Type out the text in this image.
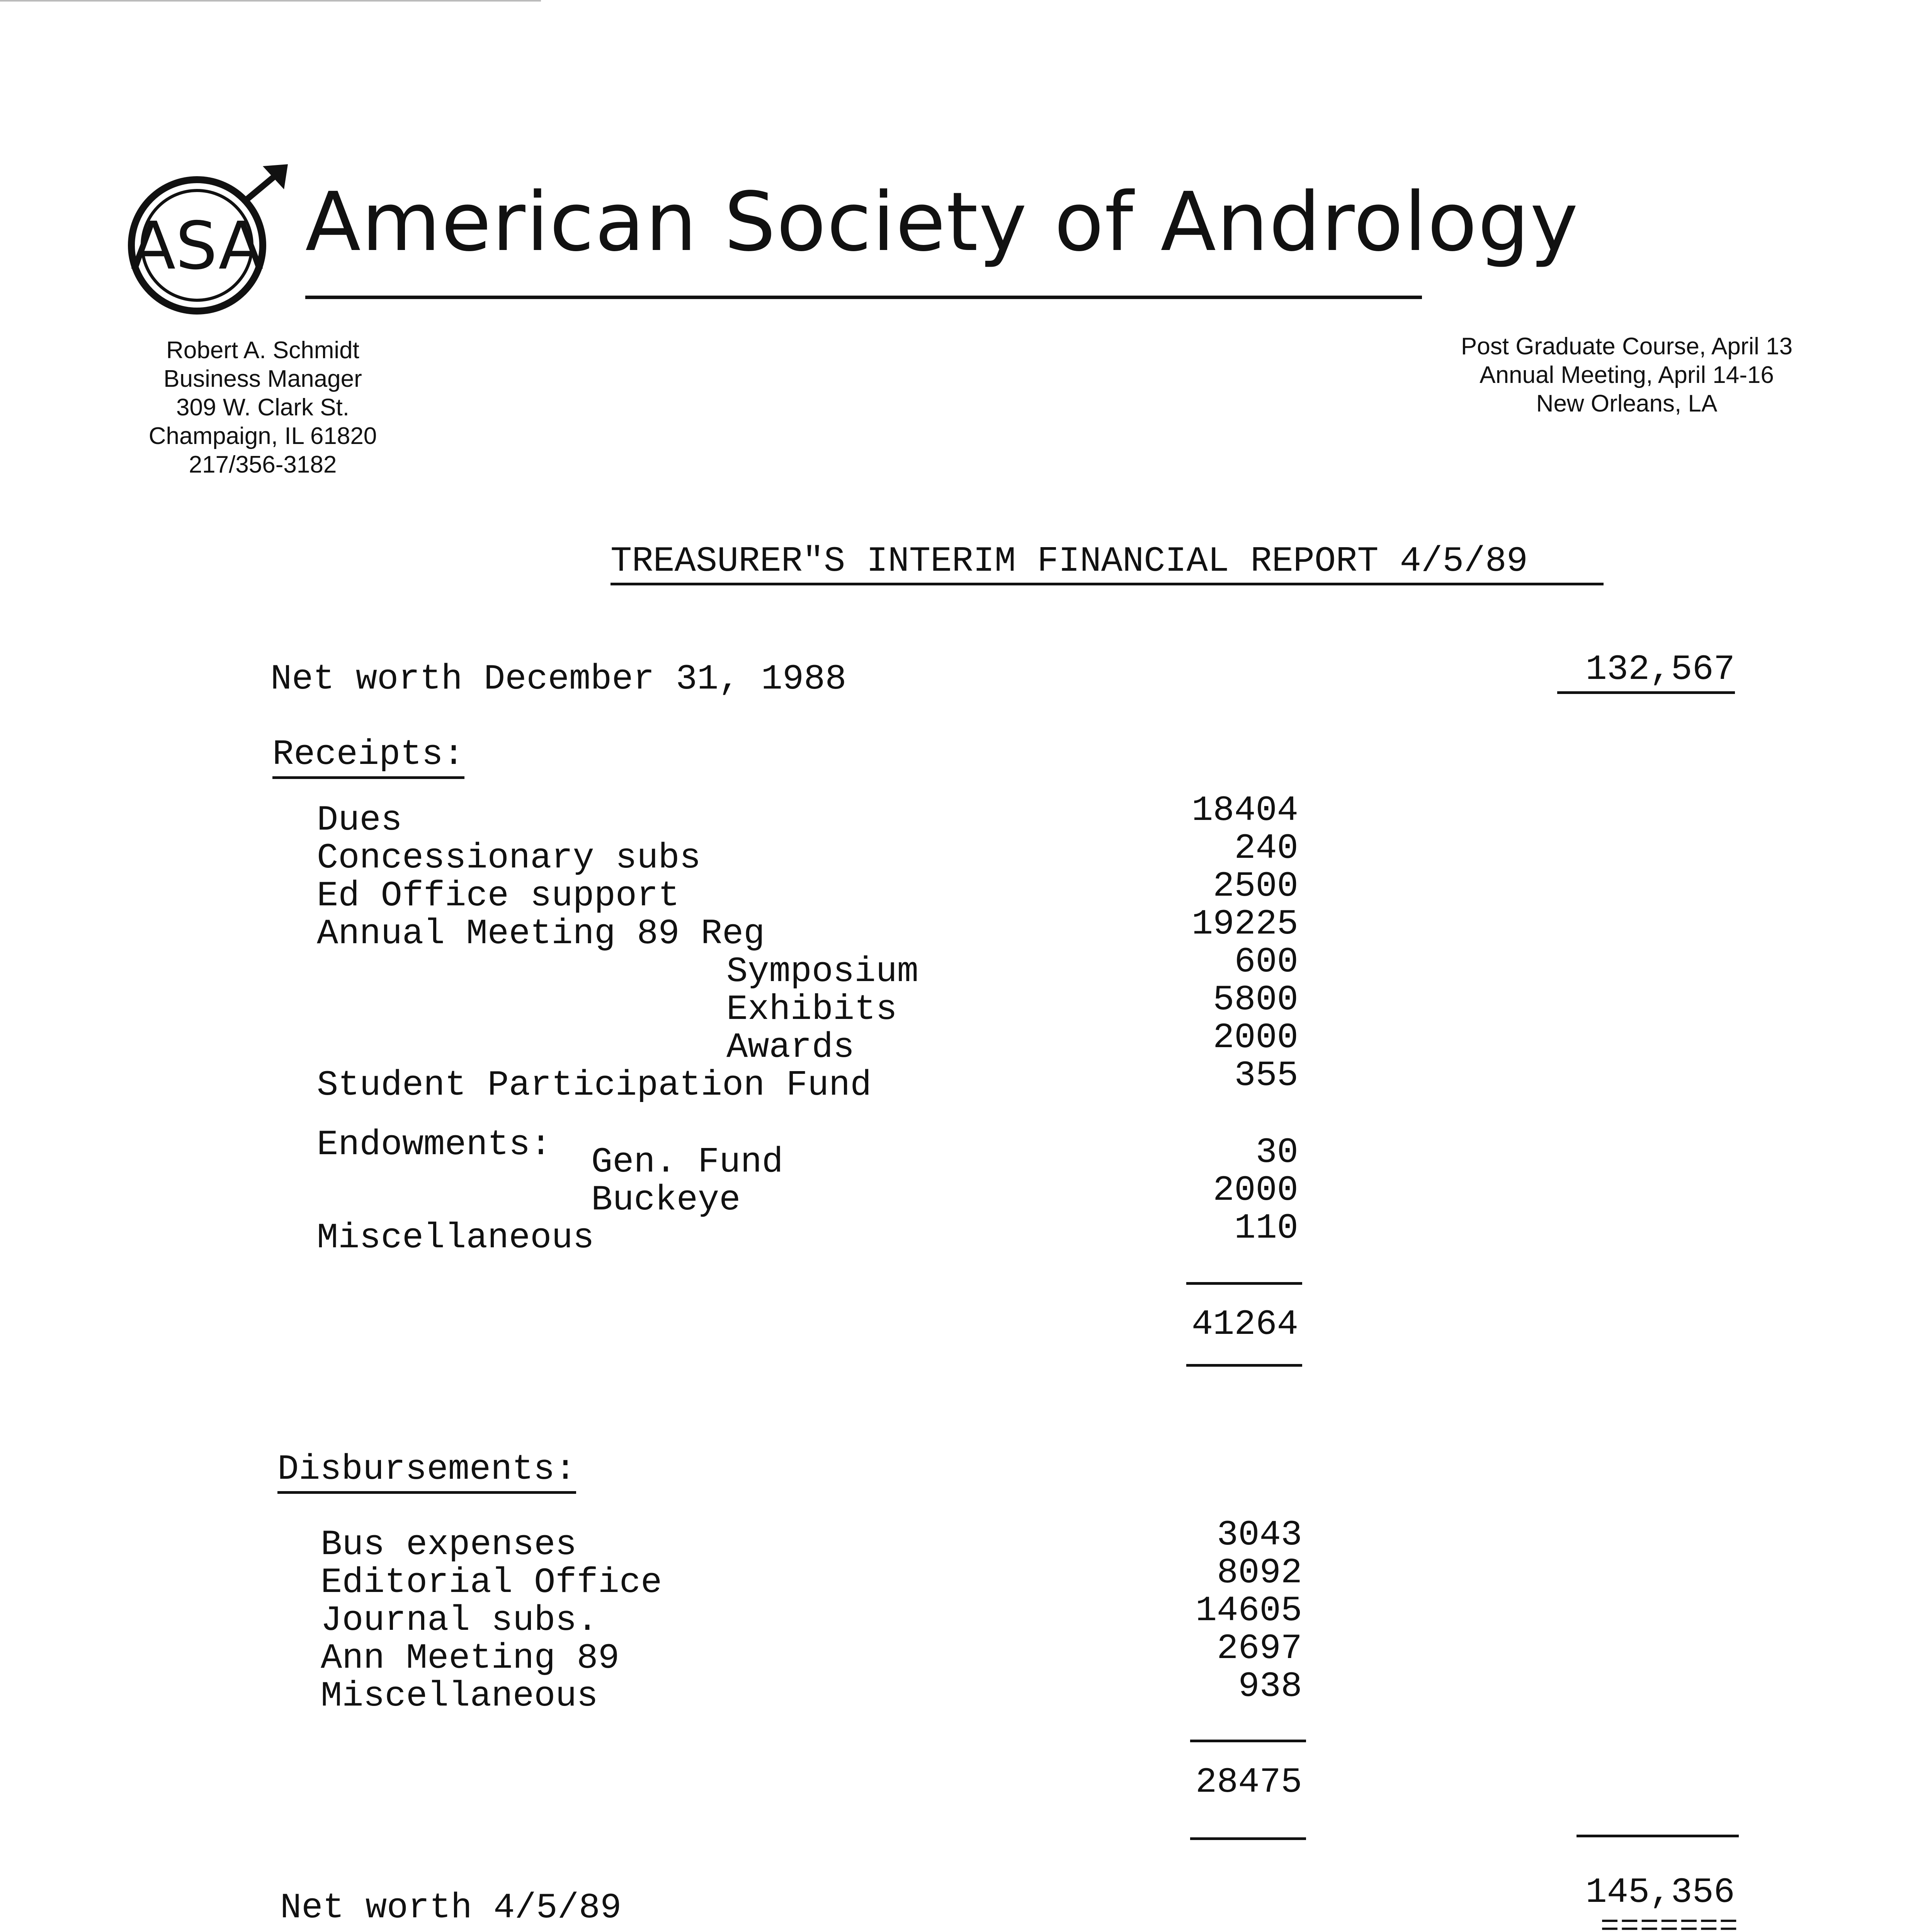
ASA American Society of Andrology
Robert A. Schmidt
Business Manager
309 W. Clark St.
Champaign, IL 61820
217/356-3182
Post Graduate Course, April 13
Annual Meeting, April 14-16
New Orleans, LA
TREASURER"S INTERIM FINANCIAL REPORT 4/5/89
Net worth December 31, 1988	132,567
Receipts:
Dues	18404
Concessionary subs	240
Ed Office support	2500
Annual Meeting 89 Reg	19225
Symposium	600
Exhibits	5800
Awards	2000
Student Participation Fund	355
Endowments: Gen. Fund	30
Buckeye	2000
Miscellaneous	110
41264
Disbursements:
Bus expenses	3043
Editorial Office	8092
Journal subs.	14605
Ann Meeting 89	2697
Miscellaneous	938
28475
Net worth 4/5/89	145,356
=======
